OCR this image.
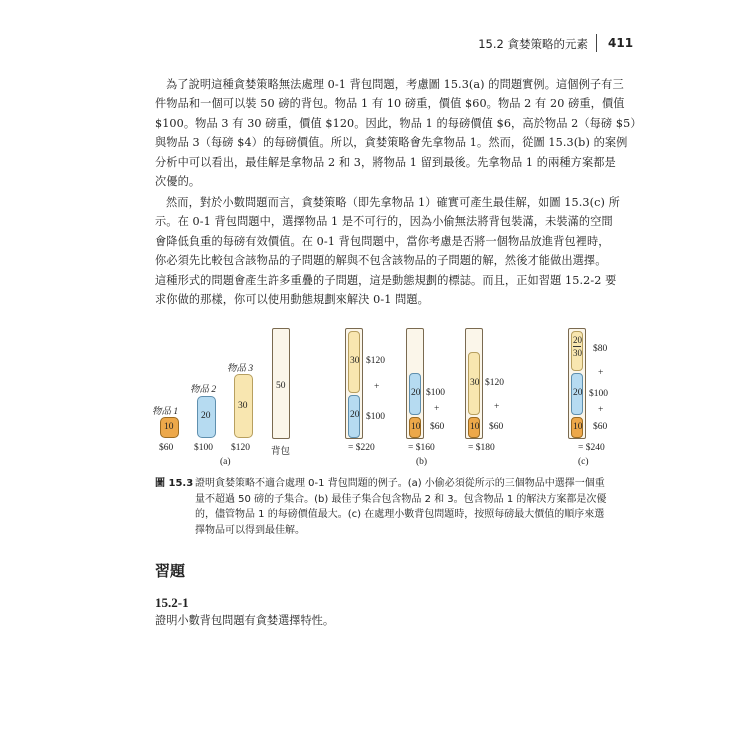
15.2 貪婪策略的元素 411
為了說明這種貪婪策略無法處理 0-1 背包問題，考慮圖 15.3(a) 的問題實例。這個例子有三
件物品和一個可以裝 50 磅的背包。物品 1 有 10 磅重，價值 $60。物品 2 有 20 磅重，價值
$100。物品 3 有 30 磅重，價值 $120。因此，物品 1 的每磅價值 $6，高於物品 2（每磅 $5）
與物品 3（每磅 $4）的每磅價值。所以，貪婪策略會先拿物品 1。然而，從圖 15.3(b) 的案例
分析中可以看出，最佳解是拿物品 2 和 3，將物品 1 留到最後。先拿物品 1 的兩種方案都是
次優的。
然而，對於小數問題而言，貪婪策略（即先拿物品 1）確實可產生最佳解，如圖 15.3(c) 所
示。在 0-1 背包問題中，選擇物品 1 是不可行的，因為小偷無法將背包裝滿，未裝滿的空間
會降低負重的每磅有效價值。在 0-1 背包問題中，當你考慮是否將一個物品放進背包裡時，
你必須先比較包含該物品的子問題的解與不包含該物品的子問題的解，然後才能做出選擇。
這種形式的問題會產生許多重疊的子問題，這是動態規劃的標誌。而且，正如習題 15.2-2 要
求你做的那樣，你可以使用動態規劃來解決 0-1 問題。
物品 1
10
$60
物品 2
20
$100
物品 3
30
$120
50
背包
(a)
30
20
$120
+
$100
= $220
20
10
$100
+
$60
= $160
30
10
$120
+
$60
= $180
(b)
20
30
20
10
$80
+
$100
+
$60
= $240
(c)
圖 15.3 證明貪婪策略不適合處理 0-1 背包問題的例子。(a) 小偷必須從所示的三個物品中選擇一個重
量不超過 50 磅的子集合。(b) 最佳子集合包含物品 2 和 3。包含物品 1 的解決方案都是次優
的，儘管物品 1 的每磅價值最大。(c) 在處理小數背包問題時，按照每磅最大價值的順序來選
擇物品可以得到最佳解。
習題
15.2-1
證明小數背包問題有貪婪選擇特性。
